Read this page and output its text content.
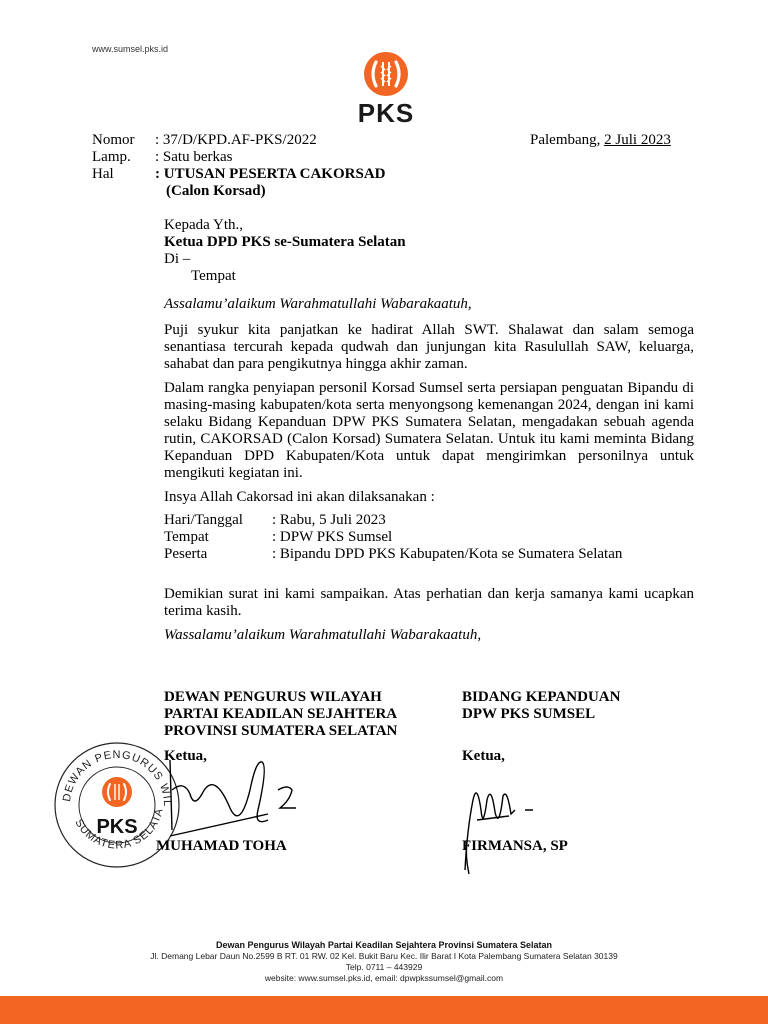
www.sumsel.pks.id
PKS
Nomor : 37/D/KPD.AF-PKS/2022	Palembang, 2 Juli 2023
Lamp. : Satu berkas
Hal	: UTUSAN PESERTA CAKORSAD
(Calon Korsad)
Kepada Yth.,
Ketua DPD PKS se-Sumatera Selatan
Di –
Tempat
Assalamu’alaikum Warahmatullahi Wabarakaatuh,
Puji syukur kita panjatkan ke hadirat Allah SWT. Shalawat dan salam semoga senantiasa tercurah kepada qudwah dan junjungan kita Rasulullah SAW, keluarga, sahabat dan para pengikutnya hingga akhir zaman.
Dalam rangka penyiapan personil Korsad Sumsel serta persiapan penguatan Bipandu di masing-masing kabupaten/kota serta menyongsong kemenangan 2024, dengan ini kami selaku Bidang Kepanduan DPW PKS Sumatera Selatan, mengadakan sebuah agenda rutin, CAKORSAD (Calon Korsad) Sumatera Selatan. Untuk itu kami meminta Bidang Kepanduan DPD Kabupaten/Kota untuk dapat mengirimkan personilnya untuk mengikuti kegiatan ini.
Insya Allah Cakorsad ini akan dilaksanakan :
Hari/Tanggal : Rabu, 5 Juli 2023
Tempat	: DPW PKS Sumsel
Peserta	: Bipandu DPD PKS Kabupaten/Kota se Sumatera Selatan
Demikian surat ini kami sampaikan. Atas perhatian dan kerja samanya kami ucapkan terima kasih.
Wassalamu’alaikum Warahmatullahi Wabarakaatuh,
DEWAN PENGURUS WILAYAH
PARTAI KEADILAN SEJAHTERA
PROVINSI SUMATERA SELATAN
Ketua,
BIDANG KEPANDUAN
DPW PKS SUMSEL
Ketua,
DEWAN PENGURUS WIL
SUMATERA SELATA
PKS
MUHAMAD TOHA	FIRMANSA, SP
Dewan Pengurus Wilayah Partai Keadilan Sejahtera Provinsi Sumatera Selatan
Jl. Demang Lebar Daun No.2599 B RT. 01 RW. 02 Kel. Bukit Baru Kec. Ilir Barat I Kota Palembang Sumatera Selatan 30139
Telp. 0711 – 443929
website: www.sumsel.pks.id, email: dpwpkssumsel@gmail.com
